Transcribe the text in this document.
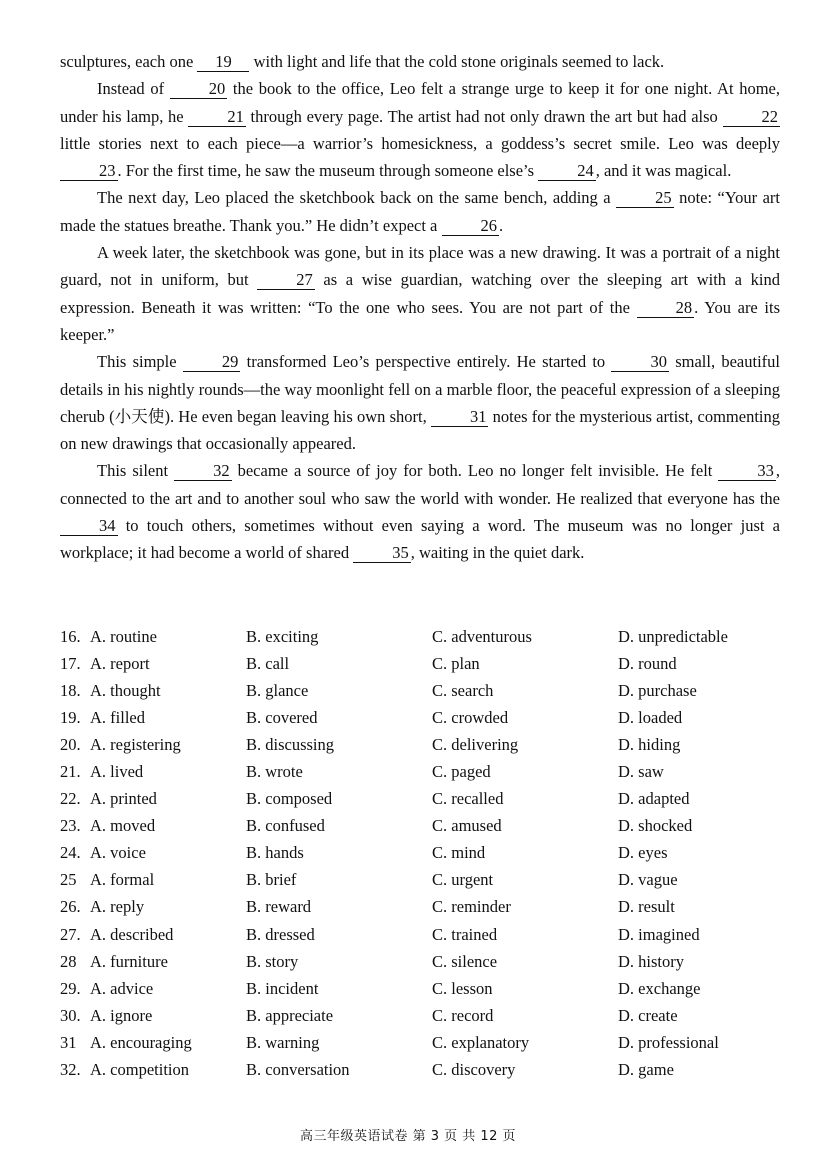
sculptures, each one 19 with light and life that the cold stone originals seemed to lack.

Instead of 20 the book to the office, Leo felt a strange urge to keep it for one night. At home, under his lamp, he 21 through every page. The artist had not only drawn the art but had also 22 little stories next to each piece—a warrior’s homesickness, a goddess’s secret smile. Leo was deeply 23 . For the first time, he saw the museum through someone else’s 24 , and it was magical.

The next day, Leo placed the sketchbook back on the same bench, adding a 25 note: “Your art made the statues breathe. Thank you.” He didn’t expect a 26 .

A week later, the sketchbook was gone, but in its place was a new drawing. It was a portrait of a night guard, not in uniform, but 27 as a wise guardian, watching over the sleeping art with a kind expression. Beneath it was written: “To the one who sees. You are not part of the 28 . You are its keeper.”

This simple 29 transformed Leo’s perspective entirely. He started to 30 small, beautiful details in his nightly rounds—the way moonlight fell on a marble floor, the peaceful expression of a sleeping cherub (小天使). He even began leaving his own short, 31 notes for the mysterious artist, commenting on new drawings that occasionally appeared.

This silent 32 became a source of joy for both. Leo no longer felt invisible. He felt 33 , connected to the art and to another soul who saw the world with wonder. He realized that everyone has the 34 to touch others, sometimes without even saying a word. The museum was no longer just a workplace; it had become a world of shared 35 , waiting in the quiet dark.

16. A. routine	B. exciting	C. adventurous	D. unpredictable
17. A. report	B. call	C. plan	D. round
18. A. thought	B. glance	C. search	D. purchase
19. A. filled	B. covered	C. crowded	D. loaded
20. A. registering	B. discussing	C. delivering	D. hiding
21. A. lived	B. wrote	C. paged	D. saw
22. A. printed	B. composed	C. recalled	D. adapted
23. A. moved	B. confused	C. amused	D. shocked
24. A. voice	B. hands	C. mind	D. eyes
25 A. formal	B. brief	C. urgent	D. vague
26. A. reply	B. reward	C. reminder	D. result
27. A. described	B. dressed	C. trained	D. imagined
28 A. furniture	B. story	C. silence	D. history
29. A. advice	B. incident	C. lesson	D. exchange
30. A. ignore	B. appreciate	C. record	D. create
31 A. encouraging	B. warning	C. explanatory	D. professional
32. A. competition	B. conversation	C. discovery	D. game
高三年级英语试卷 第 3 页 共 12 页
